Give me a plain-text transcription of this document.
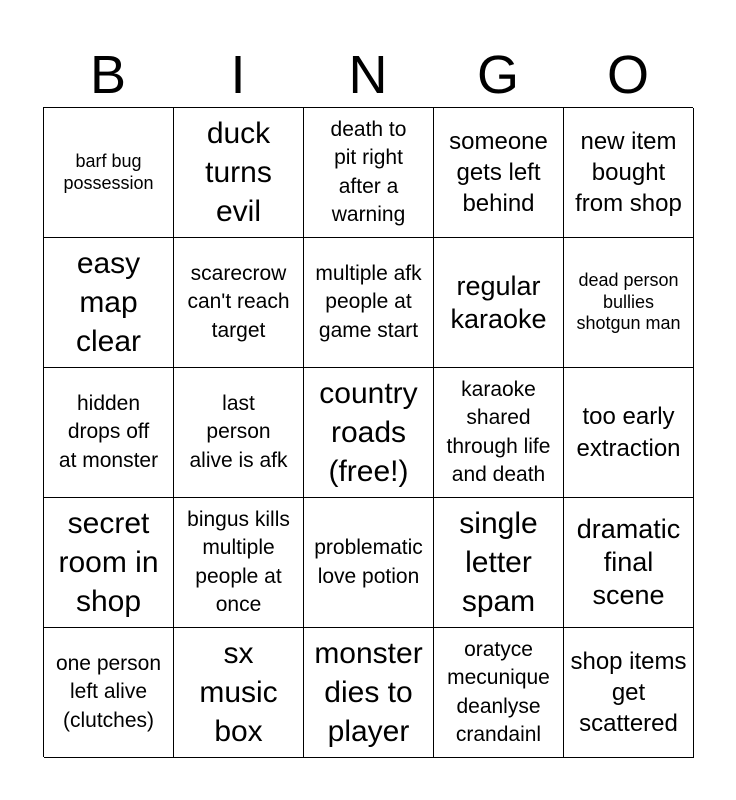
B	I	N	G	O
barf bug possession
duck turns evil
death to pit right after a warning
someone gets left behind
new item bought from shop
easy map clear
scarecrow can't reach target
multiple afk people at game start
regular karaoke
dead person bullies shotgun man
hidden drops off at monster
last person alive is afk
country roads (free!)
karaoke shared through life and death
too early extraction
secret room in shop
bingus kills multiple people at once
problematic love potion
single letter spam
dramatic final scene
one person left alive (clutches)
sx music box
monster dies to player
oratyce mecunique deanlyse crandainl
shop items get scattered
